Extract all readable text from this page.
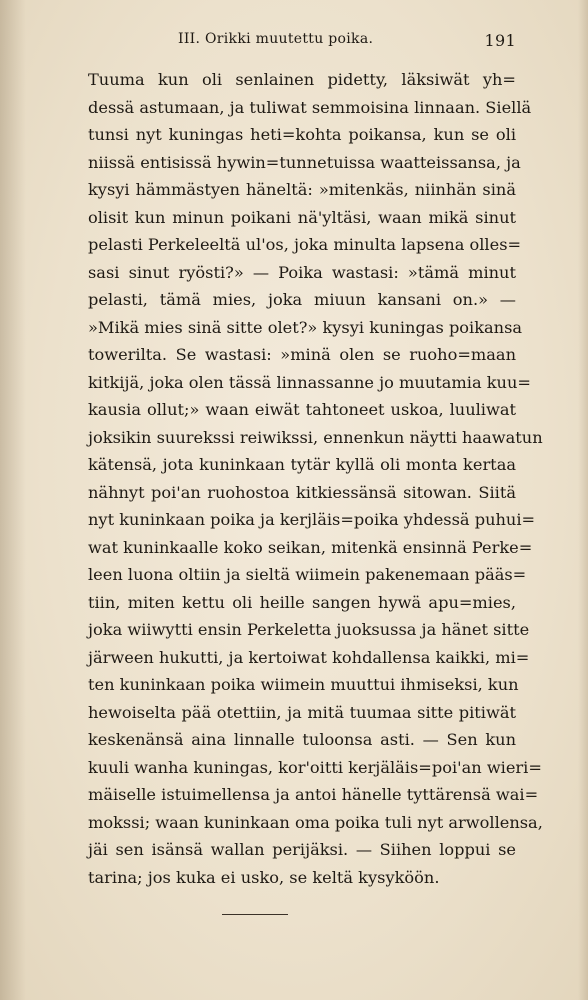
III. Orikki muutettu poika.	191
Tuuma kun oli senlainen pidetty, läksiwät yh=
dessä astumaan, ja tuliwat semmoisina linnaan. Siellä
tunsi nyt kuningas heti=kohta poikansa, kun se oli
niissä entisissä hywin=tunnetuissa waatteissansa, ja
kysyi hämmästyen häneltä: »mitenkäs, niinhän sinä
olisit kun minun poikani nä'yltäsi, waan mikä sinut
pelasti Perkeleeltä ul'os, joka minulta lapsena olles=
sasi sinut ryösti?» — Poika wastasi: »tämä minut
pelasti, tämä mies, joka miuun kansani on.» —
»Mikä mies sinä sitte olet?» kysyi kuningas poikansa
towerilta. Se wastasi: »minä olen se ruoho=maan
kitkijä, joka olen tässä linnassanne jo muutamia kuu=
kausia ollut;» waan eiwät tahtoneet uskoa, luuliwat
joksikin suurekssi reiwikssi, ennenkun näytti haawatun
kätensä, jota kuninkaan tytär kyllä oli monta kertaa
nähnyt poi'an ruohostoa kitkiessänsä sitowan. Siitä
nyt kuninkaan poika ja kerjläis=poika yhdessä puhui=
wat kuninkaalle koko seikan, mitenkä ensinnä Perke=
leen luona oltiin ja sieltä wiimein pakenemaan pääs=
tiin, miten kettu oli heille sangen hywä apu=mies,
joka wiiwytti ensin Perkeletta juoksussa ja hänet sitte
järween hukutti, ja kertoiwat kohdallensa kaikki, mi=
ten kuninkaan poika wiimein muuttui ihmiseksi, kun
hewoiselta pää otettiin, ja mitä tuumaa sitte pitiwät
keskenänsä aina linnalle tuloonsa asti. — Sen kun
kuuli wanha kuningas, kor'oitti kerjäläis=poi'an wieri=
mäiselle istuimellensa ja antoi hänelle tyttärensä wai=
mokssi; waan kuninkaan oma poika tuli nyt arwollensa,
jäi sen isänsä wallan perijäksi. — Siihen loppui se
tarina; jos kuka ei usko, se keltä kysyköön.
